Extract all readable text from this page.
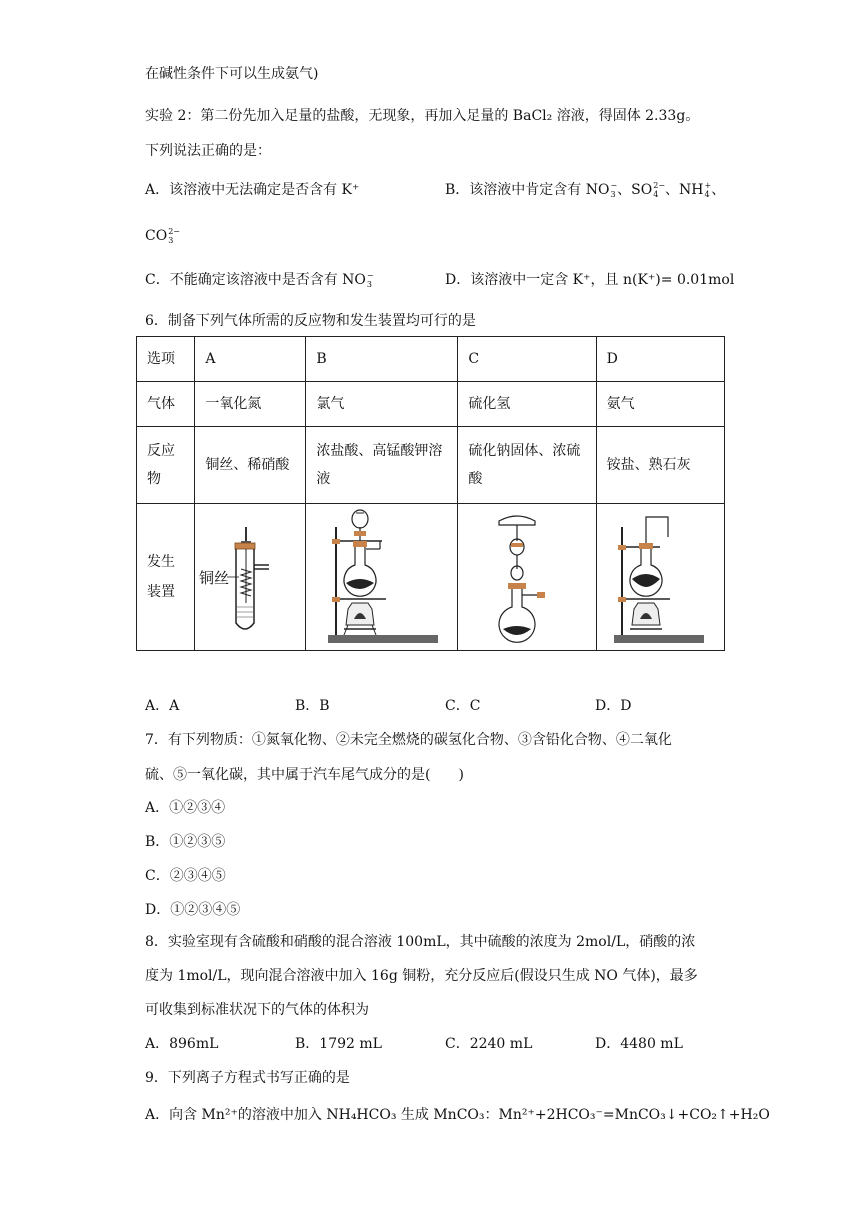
在碱性条件下可以生成氨气)
实验 2：第二份先加入足量的盐酸，无现象，再加入足量的 BaCl₂ 溶液，得固体 2.33g。
下列说法正确的是：
A．该溶液中无法确定是否含有 K⁺	B．该溶液中肯定含有 NO −
3 、SO 2−
4 、NH +
4 、
CO 2−
3
C．不能确定该溶液中是否含有 NO −
3	D．该溶液中一定含 K⁺，且 n(K⁺)= 0.01mol
6．制备下列气体所需的反应物和发生装置均可行的是
选项	A	B	C	D
气体	一氧化氮	氯气	硫化氢	氨气
反应物	铜丝、稀硝酸	浓盐酸、高锰酸钾溶液	硫化钠固体、浓硫酸	铵盐、熟石灰
发生装置	铜丝

A．A	B．B	C．C	D．D
7．有下列物质：①氮氧化物、②未完全燃烧的碳氢化合物、③含铅化合物、④二氧化
硫、⑤一氧化碳，其中属于汽车尾气成分的是(　　)
A．①②③④
B．①②③⑤
C．②③④⑤
D．①②③④⑤
8．实验室现有含硫酸和硝酸的混合溶液 100mL，其中硫酸的浓度为 2mol/L，硝酸的浓
度为 1mol/L，现向混合溶液中加入 16g 铜粉，充分反应后(假设只生成 NO 气体)，最多
可收集到标准状况下的气体的体积为
A．896mL	B．1792 mL	C．2240 mL	D．4480 mL
9．下列离子方程式书写正确的是
A．向含 Mn²⁺的溶液中加入 NH₄HCO₃ 生成 MnCO₃：Mn²⁺+2HCO₃⁻=MnCO₃↓+CO₂↑+H₂O
